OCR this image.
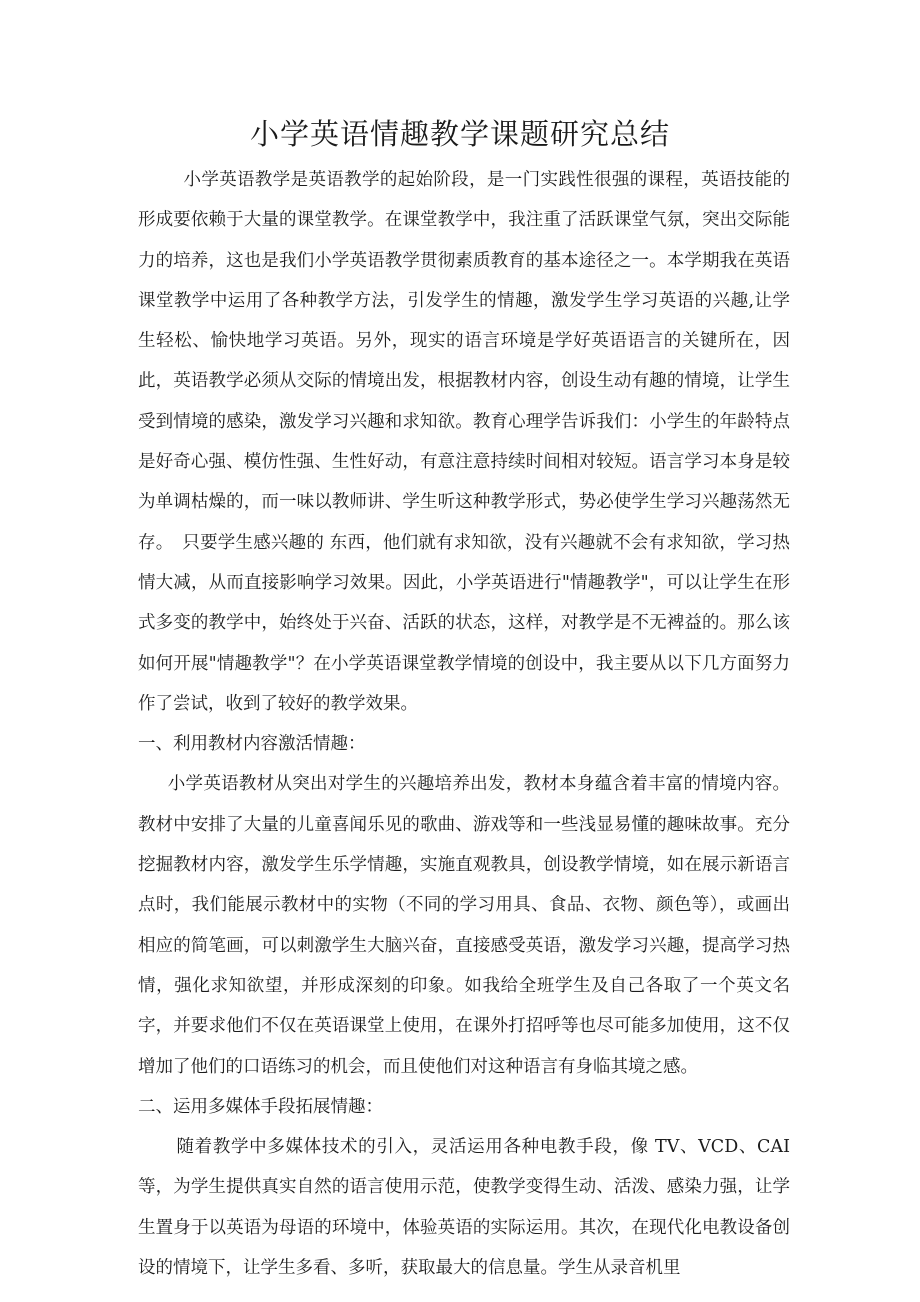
小学英语情趣教学课题研究总结

小学英语教学是英语教学的起始阶段，是一门实践性很强的课程，英语技能的形成要依赖于大量的课堂教学。在课堂教学中，我注重了活跃课堂气氛，突出交际能力的培养，这也是我们小学英语教学贯彻素质教育的基本途径之一。本学期我在英语课堂教学中运用了各种教学方法，引发学生的情趣，激发学生学习英语的兴趣,让学生轻松、愉快地学习英语。另外，现实的语言环境是学好英语语言的关键所在，因此，英语教学必须从交际的情境出发，根据教材内容，创设生动有趣的情境，让学生受到情境的感染，激发学习兴趣和求知欲。教育心理学告诉我们：小学生的年龄特点是好奇心强、模仿性强、生性好动，有意注意持续时间相对较短。语言学习本身是较为单调枯燥的，而一味以教师讲、学生听这种教学形式，势必使学生学习兴趣荡然无存。　只要学生感兴趣的 东西，他们就有求知欲，没有兴趣就不会有求知欲，学习热情大减，从而直接影响学习效果。因此，小学英语进行"情趣教学"，可以让学生在形式多变的教学中，始终处于兴奋、活跃的状态，这样，对教学是不无裨益的。那么该如何开展"情趣教学"？在小学英语课堂教学情境的创设中，我主要从以下几方面努力作了尝试，收到了较好的教学效果。

一、利用教材内容激活情趣：

小学英语教材从突出对学生的兴趣培养出发，教材本身蕴含着丰富的情境内容。教材中安排了大量的儿童喜闻乐见的歌曲、游戏等和一些浅显易懂的趣味故事。充分挖掘教材内容，激发学生乐学情趣，实施直观教具，创设教学情境，如在展示新语言点时，我们能展示教材中的实物（不同的学习用具、食品、衣物、颜色等），或画出相应的简笔画，可以刺激学生大脑兴奋，直接感受英语，激发学习兴趣，提高学习热情，强化求知欲望，并形成深刻的印象。如我给全班学生及自己各取了一个英文名字，并要求他们不仅在英语课堂上使用，在课外打招呼等也尽可能多加使用，这不仅增加了他们的口语练习的机会，而且使他们对这种语言有身临其境之感。

二、运用多媒体手段拓展情趣：

随着教学中多媒体技术的引入，灵活运用各种电教手段，像 TV、VCD、CAI等，为学生提供真实自然的语言使用示范，使教学变得生动、活泼、感染力强，让学生置身于以英语为母语的环境中，体验英语的实际运用。其次，在现代化电教设备创设的情境下，让学生多看、多听，获取最大的信息量。学生从录音机里
